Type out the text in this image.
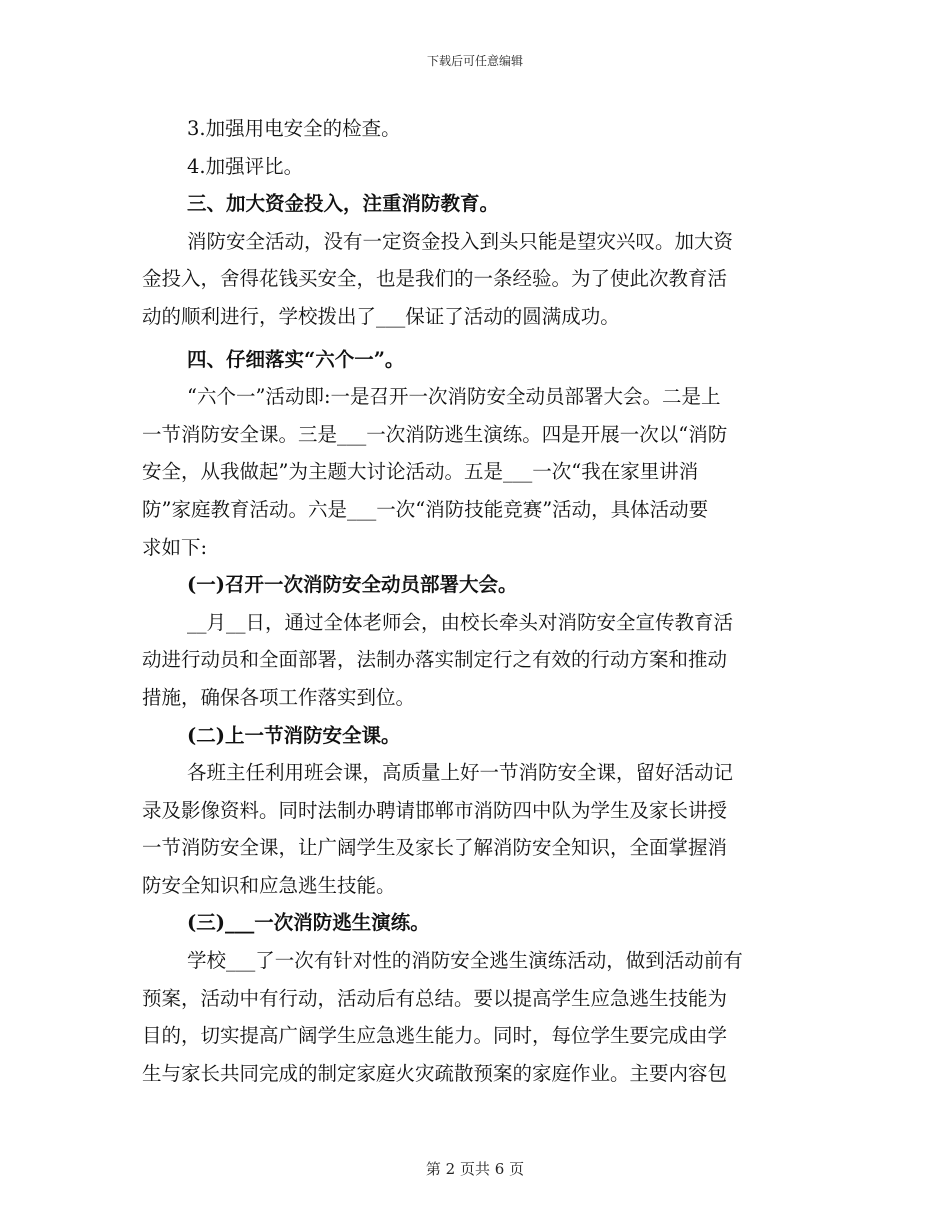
下载后可任意编辑
3.加强用电安全的检查。
4.加强评比。
三、加大资金投入，注重消防教育。
消防安全活动，没有一定资金投入到头只能是望灾兴叹。加大资
金投入，舍得花钱买安全，也是我们的一条经验。为了使此次教育活
动的顺利进行，学校拨出了___保证了活动的圆满成功。
四、仔细落实“六个一”。
“六个一”活动即:一是召开一次消防安全动员部署大会。二是上
一节消防安全课。三是___一次消防逃生演练。四是开展一次以“消防
安全，从我做起”为主题大讨论活动。五是___一次“我在家里讲消
防”家庭教育活动。六是___一次“消防技能竞赛”活动，具体活动要
求如下:
(一)召开一次消防安全动员部署大会。
__月__日，通过全体老师会，由校长牵头对消防安全宣传教育活
动进行动员和全面部署，法制办落实制定行之有效的行动方案和推动
措施，确保各项工作落实到位。
(二)上一节消防安全课。
各班主任利用班会课，高质量上好一节消防安全课，留好活动记
录及影像资料。同时法制办聘请邯郸市消防四中队为学生及家长讲授
一节消防安全课，让广阔学生及家长了解消防安全知识，全面掌握消
防安全知识和应急逃生技能。
(三)___一次消防逃生演练。
学校___了一次有针对性的消防安全逃生演练活动，做到活动前有
预案，活动中有行动，活动后有总结。要以提高学生应急逃生技能为
目的，切实提高广阔学生应急逃生能力。同时，每位学生要完成由学
生与家长共同完成的制定家庭火灾疏散预案的家庭作业。主要内容包
第 2 页共 6 页
